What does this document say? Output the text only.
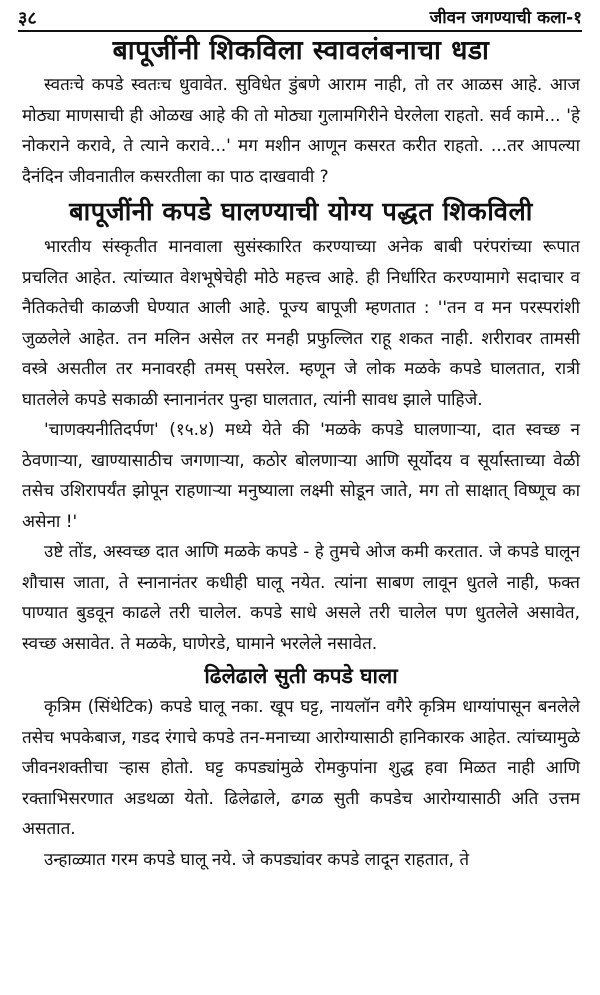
३८	जीवन जगण्याची कला-१
बापूजींनी शिकविला स्वावलंबनाचा धडा

स्वतःचे कपडे स्वतःच धुवावेत. सुविधेत डुंबणे आराम नाही, तो तर आळस आहे. आज मोठ्या माणसाची ही ओळख आहे की तो मोठ्या गुलामगिरीने घेरलेला राहतो. सर्व कामे... 'हे नोकराने करावे, ते त्याने करावे...' मग मशीन आणून कसरत करीत राहतो. ...तर आपल्या दैनंदिन जीवनातील कसरतीला का पाठ दाखवावी ?

बापूजींनी कपडे घालण्याची योग्य पद्धत शिकविली

भारतीय संस्कृतीत मानवाला सुसंस्कारित करण्याच्या अनेक बाबी परंपरांच्या रूपात प्रचलित आहेत. त्यांच्यात वेशभूषेचेही मोठे महत्त्व आहे. ही निर्धारित करण्यामागे सदाचार व नैतिकतेची काळजी घेण्यात आली आहे. पूज्य बापूजी म्हणतात : ''तन व मन परस्परांशी जुळलेले आहेत. तन मलिन असेल तर मनही प्रफुल्लित राहू शकत नाही. शरीरावर तामसी वस्त्रे असतील तर मनावरही तमस् पसरेल. म्हणून जे लोक मळके कपडे घालतात, रात्री घातलेले कपडे सकाळी स्नानानंतर पुन्हा घालतात, त्यांनी सावध झाले पाहिजे.

'चाणक्यनीतिदर्पण' (१५.४) मध्ये येते की 'मळके कपडे घालणाऱ्या, दात स्वच्छ न ठेवणाऱ्या, खाण्यासाठीच जगणाऱ्या, कठोर बोलणाऱ्या आणि सूर्योदय व सूर्यास्ताच्या वेळी तसेच उशिरापर्यंत झोपून राहणाऱ्या मनुष्याला लक्ष्मी सोडून जाते, मग तो साक्षात् विष्णूच का असेना !'

उष्टे तोंड, अस्वच्छ दात आणि मळके कपडे - हे तुमचे ओज कमी करतात. जे कपडे घालून शौचास जाता, ते स्नानानंतर कधीही घालू नयेत. त्यांना साबण लावून धुतले नाही, फक्त पाण्यात बुडवून काढले तरी चालेल. कपडे साधे असले तरी चालेल पण धुतलेले असावेत, स्वच्छ असावेत. ते मळके, घाणेरडे, घामाने भरलेले नसावेत.

ढिलेढाले सुती कपडे घाला

कृत्रिम (सिंथेटिक) कपडे घालू नका. खूप घट्ट, नायलॉन वगैरे कृत्रिम धाग्यांपासून बनलेले तसेच भपकेबाज, गडद रंगाचे कपडे तन-मनाच्या आरोग्यासाठी हानिकारक आहेत. त्यांच्यामुळे जीवनशक्तीचा ऱ्हास होतो. घट्ट कपड्यांमुळे रोमकुपांना शुद्ध हवा मिळत नाही आणि रक्ताभिसरणात अडथळा येतो. ढिलेढाले, ढगळ सुती कपडेच आरोग्यासाठी अति उत्तम असतात.

उन्हाळ्यात गरम कपडे घालू नये. जे कपड्यांवर कपडे लादून राहतात, ते
